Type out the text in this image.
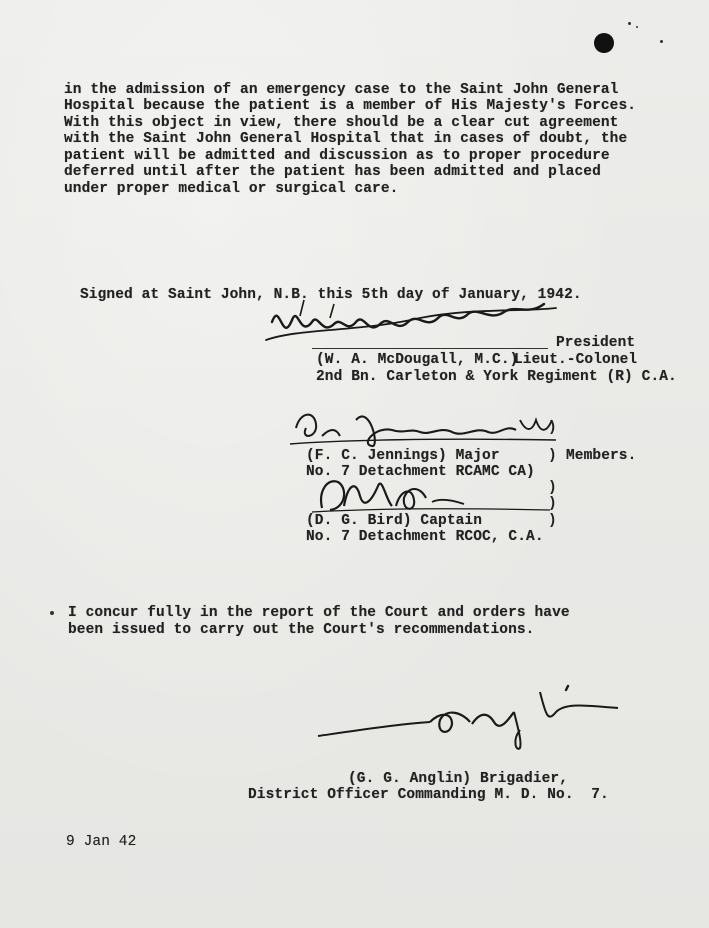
in the admission of an emergency case to the Saint John General
Hospital because the patient is a member of His Majesty's Forces.
With this object in view, there should be a clear cut agreement
with the Saint John General Hospital that in cases of doubt, the
patient will be admitted and discussion as to proper procedure
deferred until after the patient has been admitted and placed
under proper medical or surgical care.
Signed at Saint John, N.B. this 5th day of January, 1942.
President
(W. A. McDougall, M.C.)
Lieut.-Colonel
2nd Bn. Carleton & York Regiment (R) C.A.
)
(F. C. Jennings) Major	) Members.
No. 7 Detachment RCAMC CA)
)
)
(D. G. Bird) Captain	)
No. 7 Detachment RCOC, C.A.
I concur fully in the report of the Court and orders have
been issued to carry out the Court's recommendations.
(G. G. Anglin) Brigadier,
District Officer Commanding M. D. No.  7.
9 Jan 42
